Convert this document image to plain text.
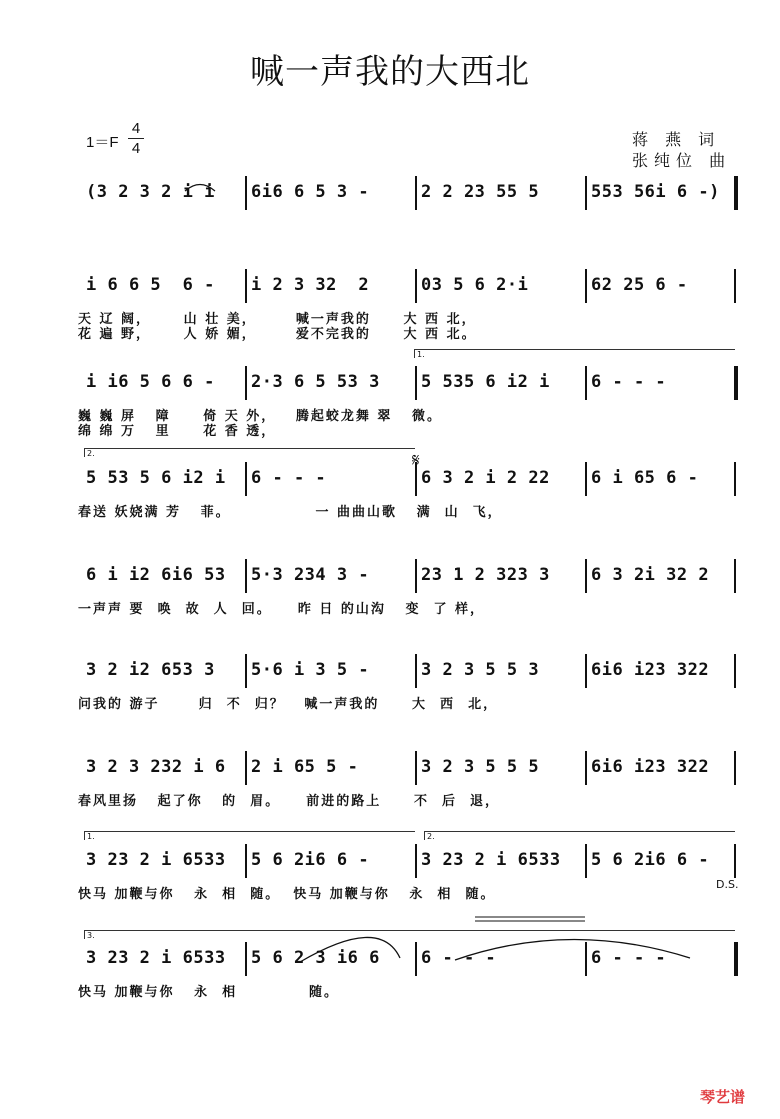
喊一声我的大西北
1＝F
4
4	蒋 燕 词
张纯位 曲
(3 2 3 2 i i 6i6 6 5 3 -	2 2 23 55 5	553 56i 6 -)
i 6 6 5  6 - i 2 3 32  2	03 5 6 2·i	62 25 6 -
天 辽 阔，     山 壮 美，      喊一声我的     大 西 北，
花 遍 野，     人 娇 媚，      爱不完我的     大 西 北。
i i6 5 6 6 - 2·3 6 5 53 3 5 535 6 i2 i 6 - - -
巍 巍 屏   障     倚 天 外，   腾起蛟龙舞 翠   微。
绵 绵 万   里     花 香 透，
5 53 5 6 i2 i 6 - - -	6 3 2 i 2 22 6 i 65 6 -
春送 妖娆满 芳   菲。             一 曲曲山歌   满  山  飞，
6 i i2 6i6 53 5·3 234 3 -	23 1 2 323 3 6 3 2i 32 2
一声声 要  唤  故  人  回。    昨 日 的山沟   变  了 样，
3 2 i2 653 3 5·6 i 3 5 -	3 2 3 5 5 3	6i6 i23 322
问我的 游子      归  不  归？   喊一声我的     大  西  北，
3 2 3 232 i 6 2 i 65 5 -	3 2 3 5 5 5	6i6 i23 322
春风里扬   起了你   的  眉。    前进的路上     不  后  退，
3 23 2 i 6533 5 6 2i6 6 -	3 23 2 i 6533 5 6 2i6 6 -
快马 加鞭与你   永  相  随。  快马 加鞭与你   永  相  随。
3 23 2 i 6533 5 6 2 3 i6 6 6 - - -	6 - - -
快马 加鞭与你   永  相           随。
𝄋
D.S.
1.
2.
1.	2.
3.
琴艺谱
